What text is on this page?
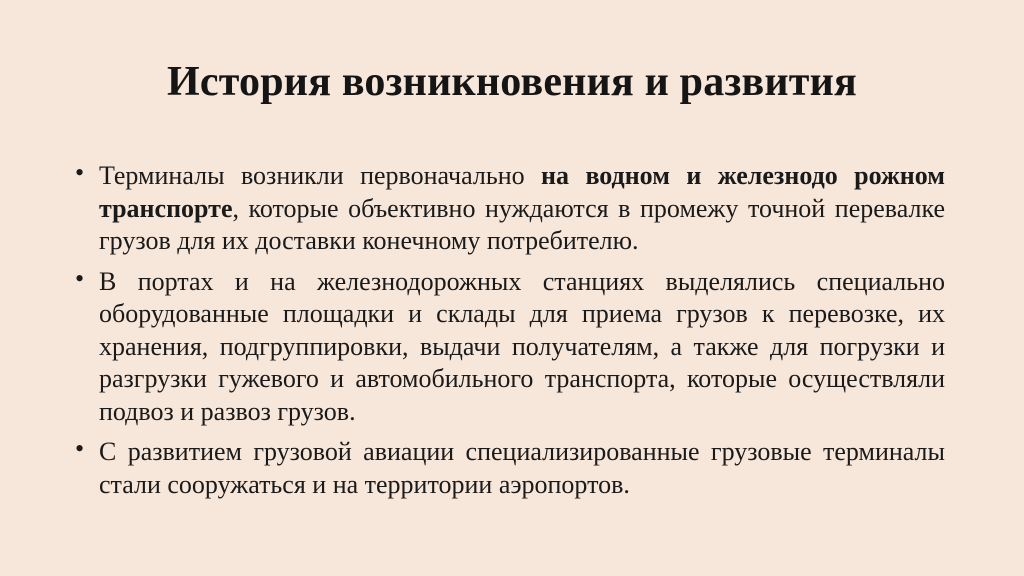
История возникновения и развития
• Терминалы возникли первоначально на водном и железнодо рожном транспорте, которые объективно нуждаются в промежу точной перевалке грузов для их доставки конечному потребителю.
• В портах и на железнодорожных станциях выделялись специально оборудованные площадки и склады для приема грузов к перевозке, их хранения, подгруппировки, выдачи получателям, а также для погрузки и разгрузки гужевого и автомобильного транспорта, которые осуществляли подвоз и развоз грузов.
• С развитием грузовой авиации специализированные грузовые терминалы стали сооружаться и на территории аэропортов.
